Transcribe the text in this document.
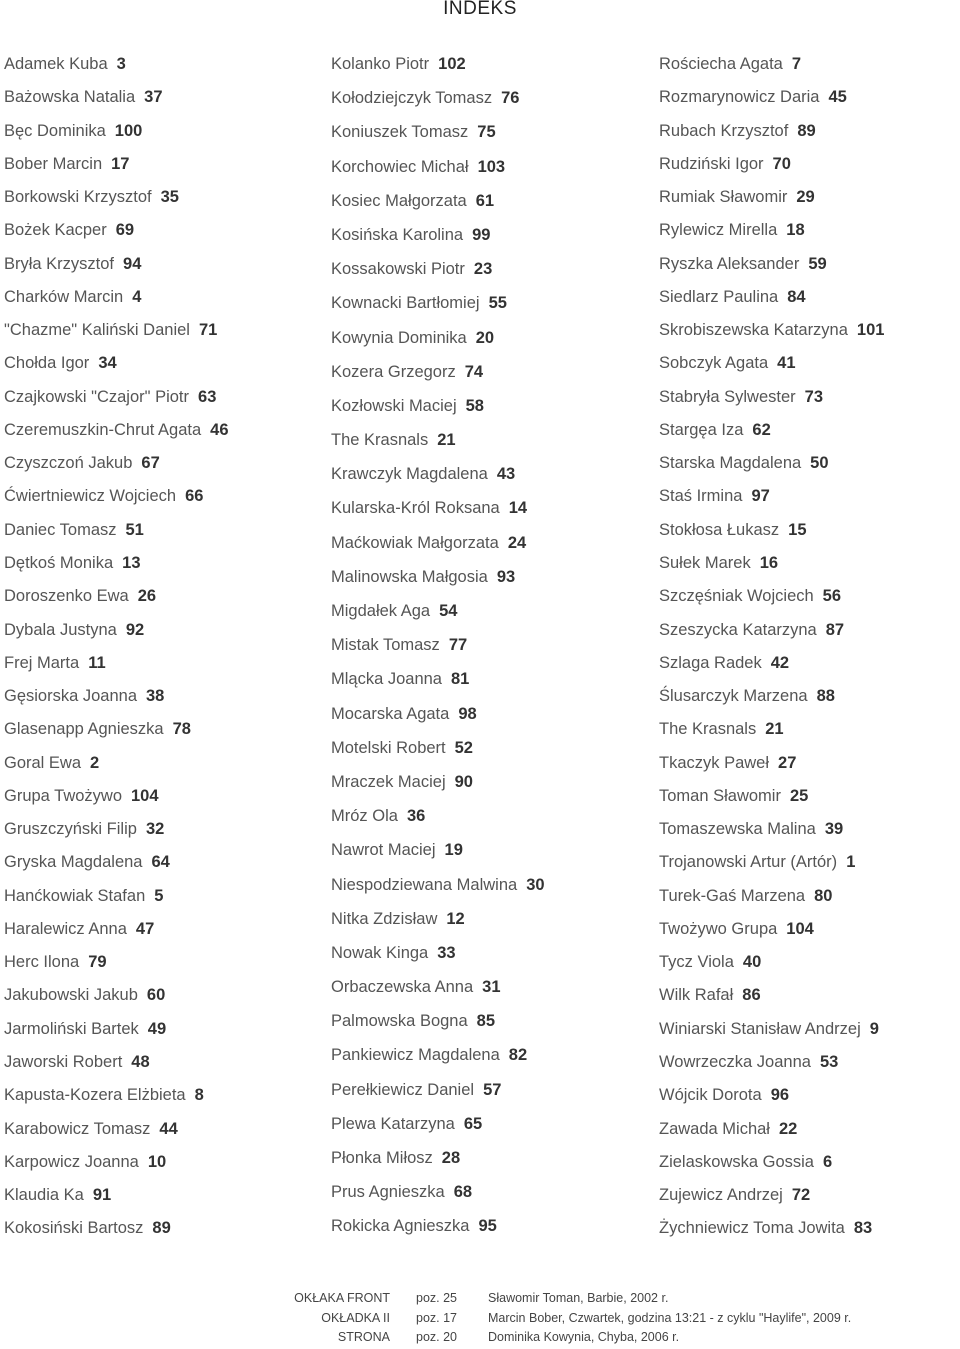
INDEKS
Adamek Kuba 3
Bażowska Natalia 37
Bęc Dominika 100
Bober Marcin 17
Borkowski Krzysztof 35
Bożek Kacper 69
Bryła Krzysztof 94
Charków Marcin 4
"Chazme" Kaliński Daniel 71
Chołda Igor 34
Czajkowski "Czajor" Piotr 63
Czeremuszkin-Chrut Agata 46
Czyszczoń Jakub 67
Ćwiertniewicz Wojciech 66
Daniec Tomasz 51
Dętkoś Monika 13
Doroszenko Ewa 26
Dybala Justyna 92
Frej Marta 11
Gęsiorska Joanna 38
Glasenapp Agnieszka 78
Goral Ewa 2
Grupa Twożywo 104
Gruszczyński Filip 32
Gryska Magdalena 64
Hanćkowiak Stafan 5
Haralewicz Anna 47
Herc Ilona 79
Jakubowski Jakub 60
Jarmoliński Bartek 49
Jaworski Robert 48
Kapusta-Kozera Elżbieta 8
Karabowicz Tomasz 44
Karpowicz Joanna 10
Klaudia Ka 91
Kokosiński Bartosz 89
Kolanko Piotr 102
Kołodziejczyk Tomasz 76
Koniuszek Tomasz 75
Korchowiec Michał 103
Kosiec Małgorzata 61
Kosińska Karolina 99
Kossakowski Piotr 23
Kownacki Bartłomiej 55
Kowynia Dominika 20
Kozera Grzegorz 74
Kozłowski Maciej 58
The Krasnals 21
Krawczyk Magdalena 43
Kularska-Król Roksana 14
Maćkowiak Małgorzata 24
Malinowska Małgosia 93
Migdałek Aga 54
Mistak Tomasz 77
Mlącka Joanna 81
Mocarska Agata 98
Motelski Robert 52
Mraczek Maciej 90
Mróz Ola 36
Nawrot Maciej 19
Niespodziewana Malwina 30
Nitka Zdzisław 12
Nowak Kinga 33
Orbaczewska Anna 31
Palmowska Bogna 85
Pankiewicz Magdalena 82
Perełkiewicz Daniel 57
Plewa Katarzyna 65
Płonka Miłosz 28
Prus Agnieszka 68
Rokicka Agnieszka 95
Rościecha Agata 7
Rozmarynowicz Daria 45
Rubach Krzysztof 89
Rudziński Igor 70
Rumiak Sławomir 29
Rylewicz Mirella 18
Ryszka Aleksander 59
Siedlarz Paulina 84
Skrobiszewska Katarzyna 101
Sobczyk Agata 41
Stabryła Sylwester 73
Stargęa Iza 62
Starska Magdalena 50
Staś Irmina 97
Stokłosa Łukasz 15
Sułek Marek 16
Szczęśniak Wojciech 56
Szeszycka Katarzyna 87
Szlaga Radek 42
Ślusarczyk Marzena 88
The Krasnals 21
Tkaczyk Paweł 27
Toman Sławomir 25
Tomaszewska Malina 39
Trojanowski Artur (Artór) 1
Turek-Gaś Marzena 80
Twożywo Grupa 104
Tycz Viola 40
Wilk Rafał 86
Winiarski Stanisław Andrzej 9
Wowrzeczka Joanna 53
Wójcik Dorota 96
Zawada Michał 22
Zielaskowska Gossia 6
Zujewicz Andrzej 72
Żychniewicz Toma Jowita 83
OKŁAKA FRONT poz. 25 Sławomir Toman, Barbie, 2002 r.
OKŁADKA II poz. 17 Marcin Bober, Czwartek, godzina 13:21 - z cyklu "Haylife", 2009 r.
STRONA poz. 20 Dominika Kowynia, Chyba, 2006 r.
